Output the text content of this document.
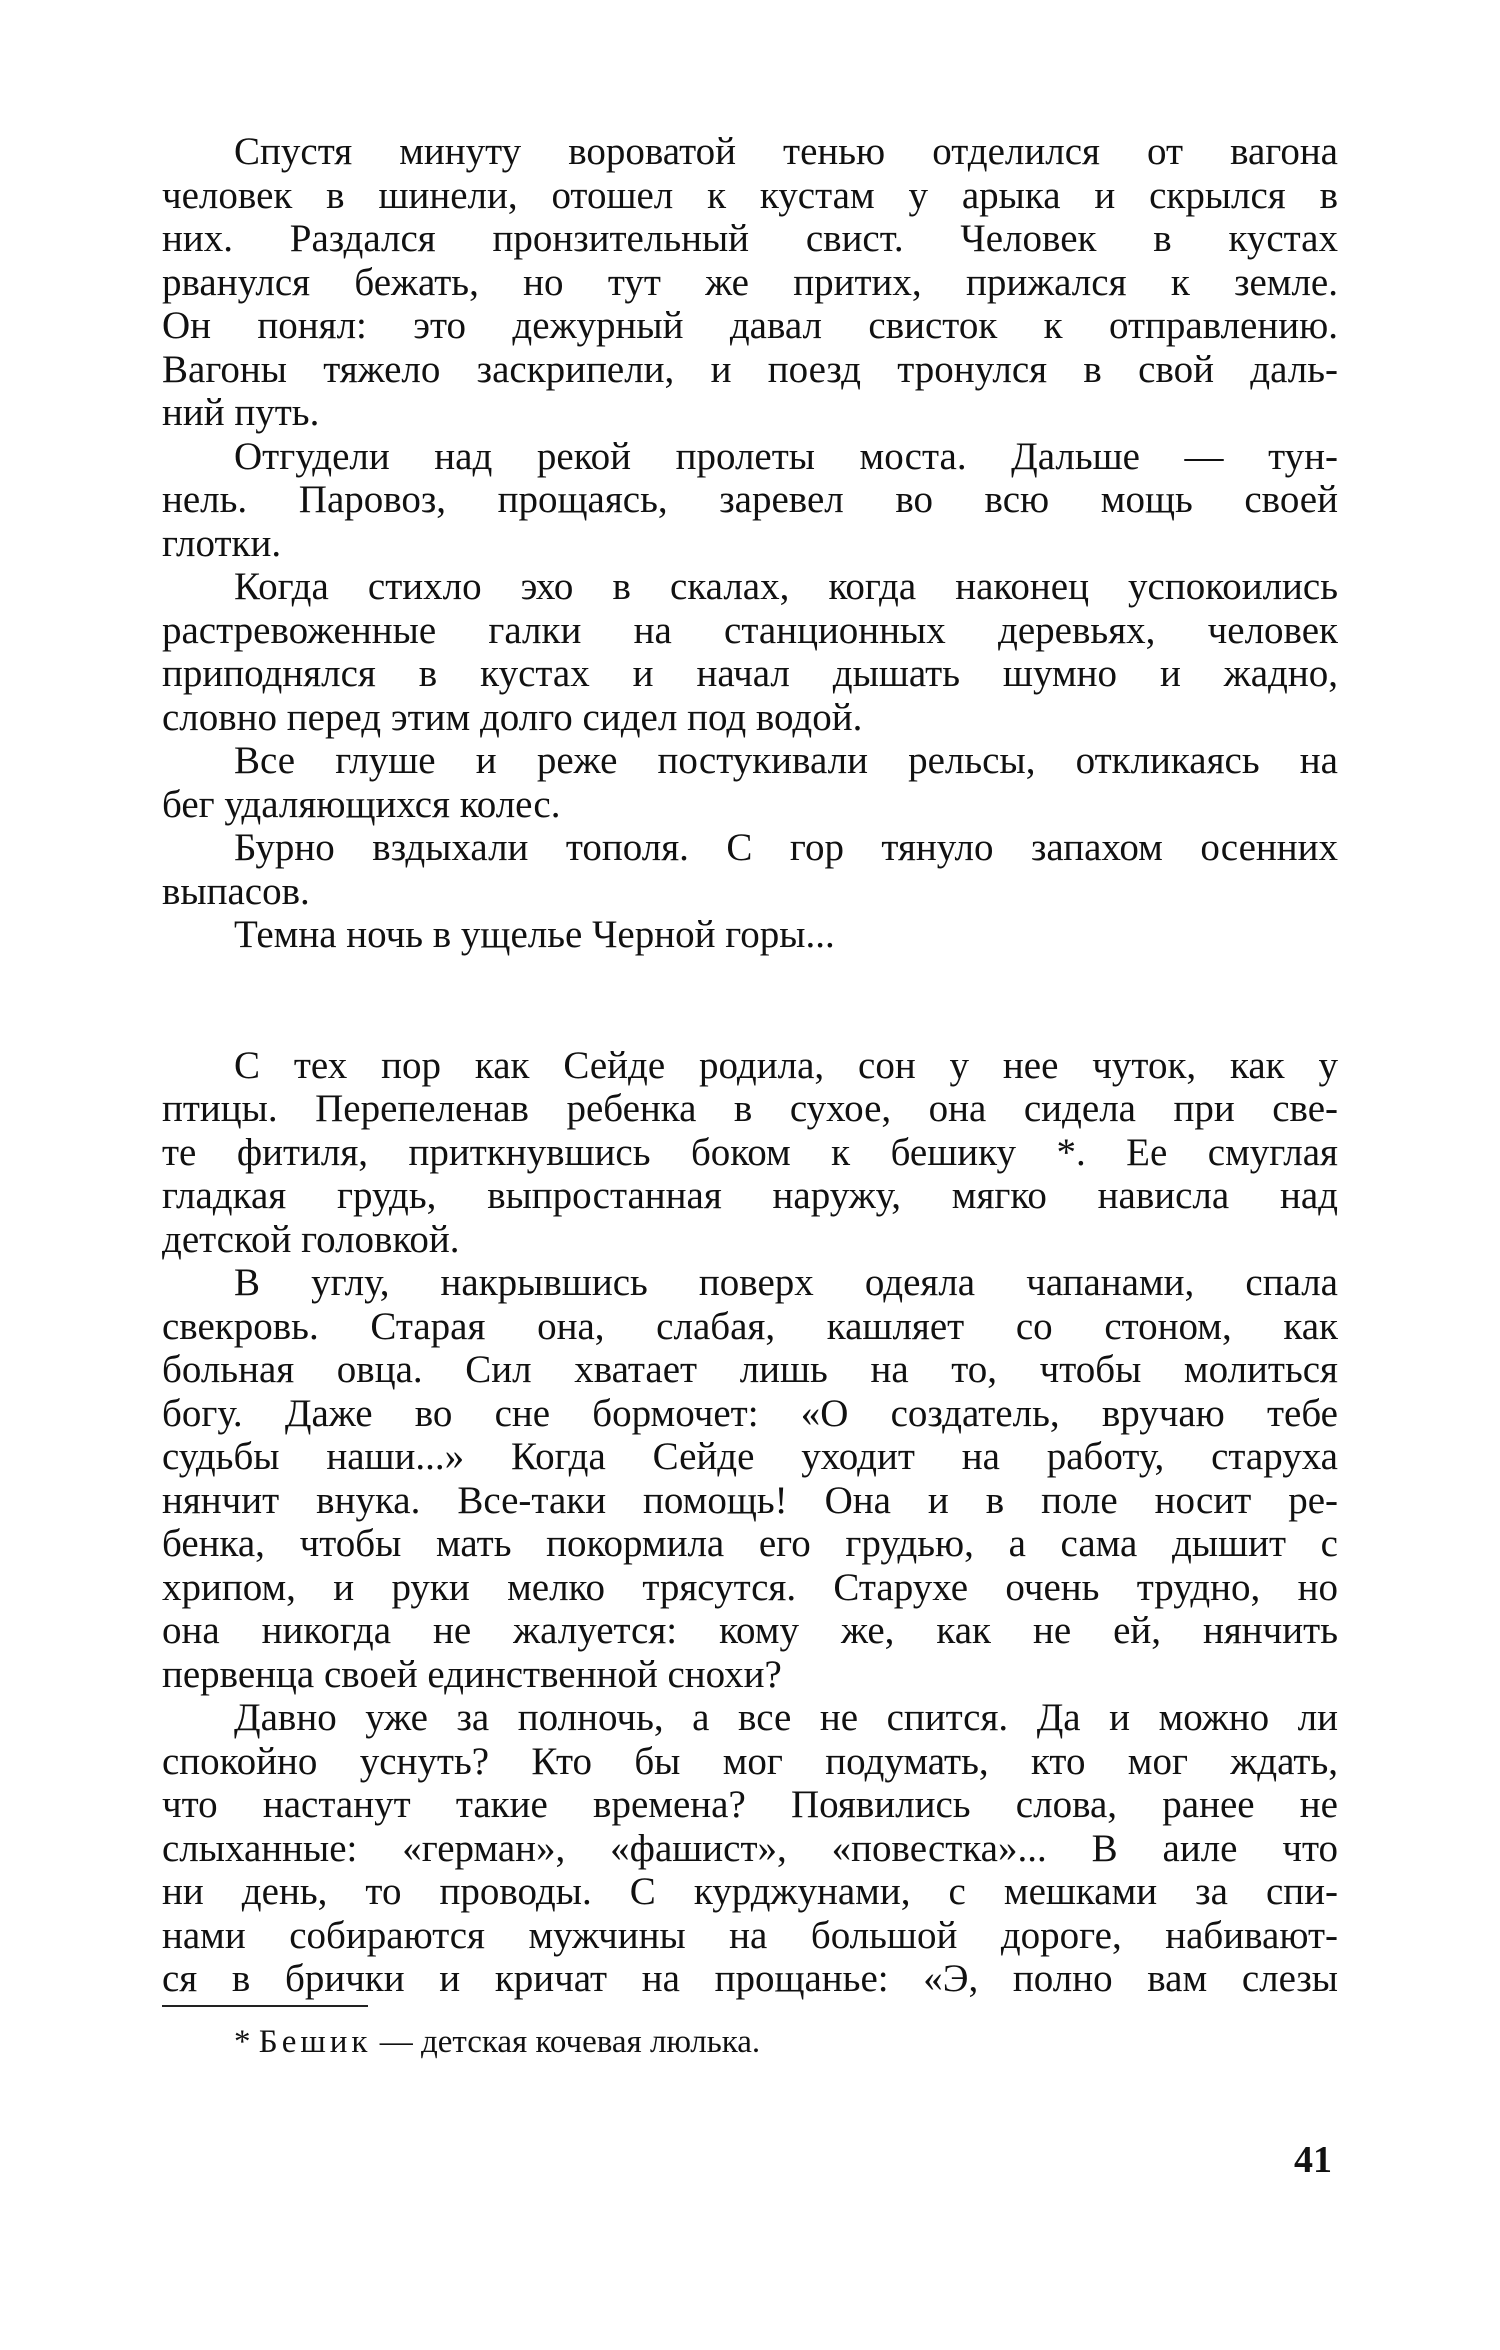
Спустя минуту вороватой тенью отделился от вагона
человек в шинели, отошел к кустам у арыка и скрылся в
них. Раздался пронзительный свист. Человек в кустах
рванулся бежать, но тут же притих, прижался к земле.
Он понял: это дежурный давал свисток к отправлению.
Вагоны тяжело заскрипели, и поезд тронулся в свой даль-
ний путь.
Отгудели над рекой пролеты моста. Дальше — тун-
нель. Паровоз, прощаясь, заревел во всю мощь своей
глотки.
Когда стихло эхо в скалах, когда наконец успокоились
растревоженные галки на станционных деревьях, человек
приподнялся в кустах и начал дышать шумно и жадно,
словно перед этим долго сидел под водой.
Все глуше и реже постукивали рельсы, откликаясь на
бег удаляющихся колес.
Бурно вздыхали тополя. С гор тянуло запахом осенних
выпасов.
Темна ночь в ущелье Черной горы...
С тех пор как Сейде родила, сон у нее чуток, как у
птицы. Перепеленав ребенка в сухое, она сидела при све-
те фитиля, приткнувшись боком к бешику *. Ее смуглая
гладкая грудь, выпростанная наружу, мягко нависла над
детской головкой.
В углу, накрывшись поверх одеяла чапанами, спала
свекровь. Старая она, слабая, кашляет со стоном, как
больная овца. Сил хватает лишь на то, чтобы молиться
богу. Даже во сне бормочет: «О создатель, вручаю тебе
судьбы наши...» Когда Сейде уходит на работу, старуха
нянчит внука. Все-таки помощь! Она и в поле носит ре-
бенка, чтобы мать покормила его грудью, а сама дышит с
хрипом, и руки мелко трясутся. Старухе очень трудно, но
она никогда не жалуется: кому же, как не ей, нянчить
первенца своей единственной снохи?
Давно уже за полночь, а все не спится. Да и можно ли
спокойно уснуть? Кто бы мог подумать, кто мог ждать,
что настанут такие времена? Появились слова, ранее не
слыханные: «герман», «фашист», «повестка»... В аиле что
ни день, то проводы. С курджунами, с мешками за спи-
нами собираются мужчины на большой дороге, набивают-
ся в брички и кричат на прощанье: «Э, полно вам слезы
* Бешик — детская кочевая люлька.
41
